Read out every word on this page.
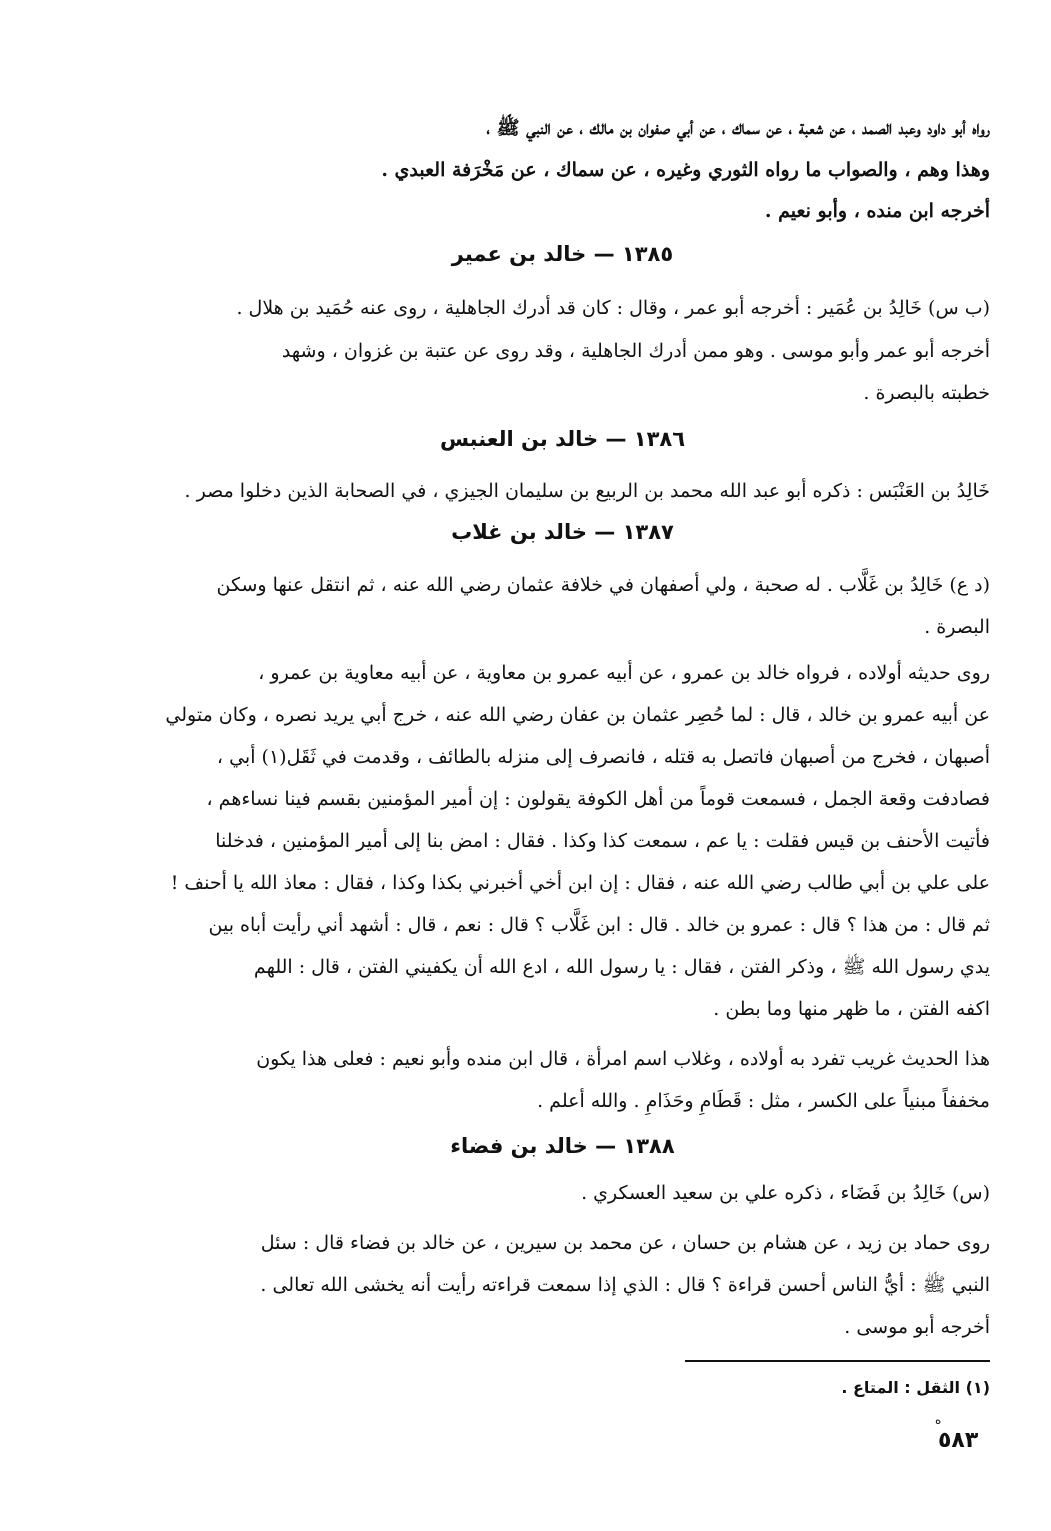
رواه أبو داود وعبد الصمد ، عن شعبة ، عن سماك ، عن أبي صفوان بن مالك ، عن النبي ﷺ ،
وهذا وهم ، والصواب ما رواه الثوري وغيره ، عن سماك ، عن مَخْرَفة العبدي .
أخرجه ابن منده ، وأبو نعيم .
١٣٨٥ — خالد بن عمير
(ب س) خَالِدُ بن عُمَير : أخرجه أبو عمر ، وقال : كان قد أدرك الجاهلية ، روى عنه حُمَيد بن هلال .
أخرجه أبو عمر وأبو موسى . وهو ممن أدرك الجاهلية ، وقد روى عن عتبة بن غزوان ، وشهد
خطبته بالبصرة .
١٣٨٦ — خالد بن العنبس
خَالِدُ بن العَنْبَس : ذكره أبو عبد الله محمد بن الربيع بن سليمان الجيزي ، في الصحابة الذين دخلوا مصر .
١٣٨٧ — خالد بن غلاب
(د ع) خَالِدُ بن غَلَّاب . له صحبة ، ولي أصفهان في خلافة عثمان رضي الله عنه ، ثم انتقل عنها وسكن
البصرة .
روى حديثه أولاده ، فرواه خالد بن عمرو ، عن أبيه عمرو بن معاوية ، عن أبيه معاوية بن عمرو ،
عن أبيه عمرو بن خالد ، قال : لما حُصِر عثمان بن عفان رضي الله عنه ، خرج أبي يريد نصره ، وكان متولي
أصبهان ، فخرج من أصبهان فاتصل به قتله ، فانصرف إلى منزله بالطائف ، وقدمت في ثَقَل(١) أبي ،
فصادفت وقعة الجمل ، فسمعت قوماً من أهل الكوفة يقولون : إن أمير المؤمنين بقسم فينا نساءهم ،
فأتيت الأحنف بن قيس فقلت : يا عم ، سمعت كذا وكذا . فقال : امض بنا إلى أمير المؤمنين ، فدخلنا
على علي بن أبي طالب رضي الله عنه ، فقال : إن ابن أخي أخبرني بكذا وكذا ، فقال : معاذ الله يا أحنف !
ثم قال : من هذا ؟ قال : عمرو بن خالد . قال : ابن غَلَّاب ؟ قال : نعم ، قال : أشهد أني رأيت أباه بين
يدي رسول الله ﷺ ، وذكر الفتن ، فقال : يا رسول الله ، ادع الله أن يكفيني الفتن ، قال : اللهم
اكفه الفتن ، ما ظهر منها وما بطن .
هذا الحديث غريب تفرد به أولاده ، وغلاب اسم امرأة ، قال ابن منده وأبو نعيم : فعلى هذا يكون
مخففاً مبنياً على الكسر ، مثل : قَطَامِ وحَذَامِ . والله أعلم .
١٣٨٨ — خالد بن فضاء
(س) خَالِدُ بن فَضَاء ، ذكره علي بن سعيد العسكري .
روى حماد بن زيد ، عن هشام بن حسان ، عن محمد بن سيرين ، عن خالد بن فضاء قال : سئل
النبي ﷺ : أيُّ الناس أحسن قراءة ؟ قال : الذي إذا سمعت قراءته رأيت أنه يخشى الله تعالى .
أخرجه أبو موسى .
(١) الثقل : المتاع .
ه
٥٨٣
